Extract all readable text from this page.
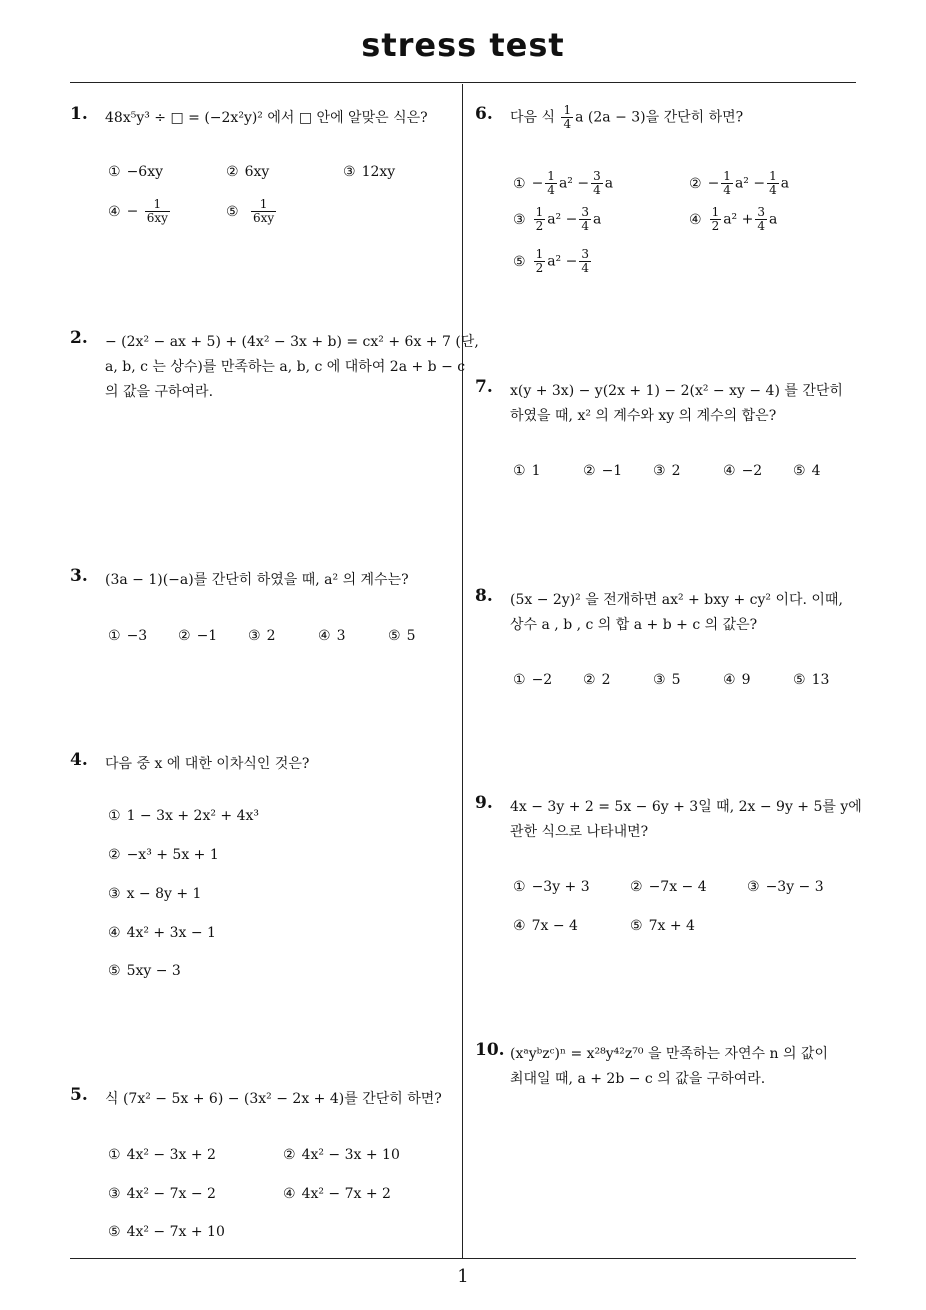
stress test
1
1. 48x⁵y³ ÷ □ = (−2x²y)² 에서 □ 안에 알맞은 식은?
① −6xy	② 6xy	③ 12xy
④ − $\frac{1}{6xy}$	⑤ $\frac{1}{6xy}$
2. − (2x² − ax + 5) + (4x² − 3x + b) = cx² + 6x + 7 (단,
a, b, c 는 상수)를 만족하는 a, b, c 에 대하여 2a + b − c
의 값을 구하여라.
3. (3a − 1)(−a)를 간단히 하였을 때, a² 의 계수는?
① −3 ② −1 ③ 2	④ 3	⑤ 5
4. 다음 중 x 에 대한 이차식인 것은?
① 1 − 3x + 2x² + 4x³
② −x³ + 5x + 1
③ x − 8y + 1
④ 4x² + 3x − 1
⑤ 5xy − 3
5. 식 (7x² − 5x + 6) − (3x² − 2x + 4)를 간단히 하면?
① 4x² − 3x + 2	② 4x² − 3x + 10
③ 4x² − 7x − 2	④ 4x² − 7x + 2
⑤ 4x² − 7x + 10
6. 다음 식 $\frac{1}{4}$ a (2a − 3)을 간단히 하면?
① − $\frac{1}{4} a^2 - \frac{3}{4}$ a	② − $\frac{1}{4} a^2 - \frac{1}{4}$ a
③ $\frac{1}{2} a^2 - \frac{3}{4}$ a	④ $\frac{1}{2} a^2 + \frac{3}{4}$ a
⑤ $\frac{1}{2} a^2 - \frac{3}{4}$
7. x(y + 3x) − y(2x + 1) − 2(x² − xy − 4) 를 간단히
하였을 때, x² 의 계수와 xy 의 계수의 합은?
① 1	② −1 ③ 2	④ −2 ⑤ 4
8. (5x − 2y)² 을 전개하면 ax² + bxy + cy² 이다. 이때,
상수 a , b , c 의 합 a + b + c 의 값은?
① −2 ② 2	③ 5	④ 9	⑤ 13
9. 4x − 3y + 2 = 5x − 6y + 3일 때, 2x − 9y + 5를 y에
관한 식으로 나타내면?
① −3y + 3	② −7x − 4	③ −3y − 3
④ 7x − 4	⑤ 7x + 4
10. (xᵃyᵇzᶜ)ⁿ = x²⁸y⁴²z⁷⁰ 을 만족하는 자연수 n 의 값이
최대일 때, a + 2b − c 의 값을 구하여라.
